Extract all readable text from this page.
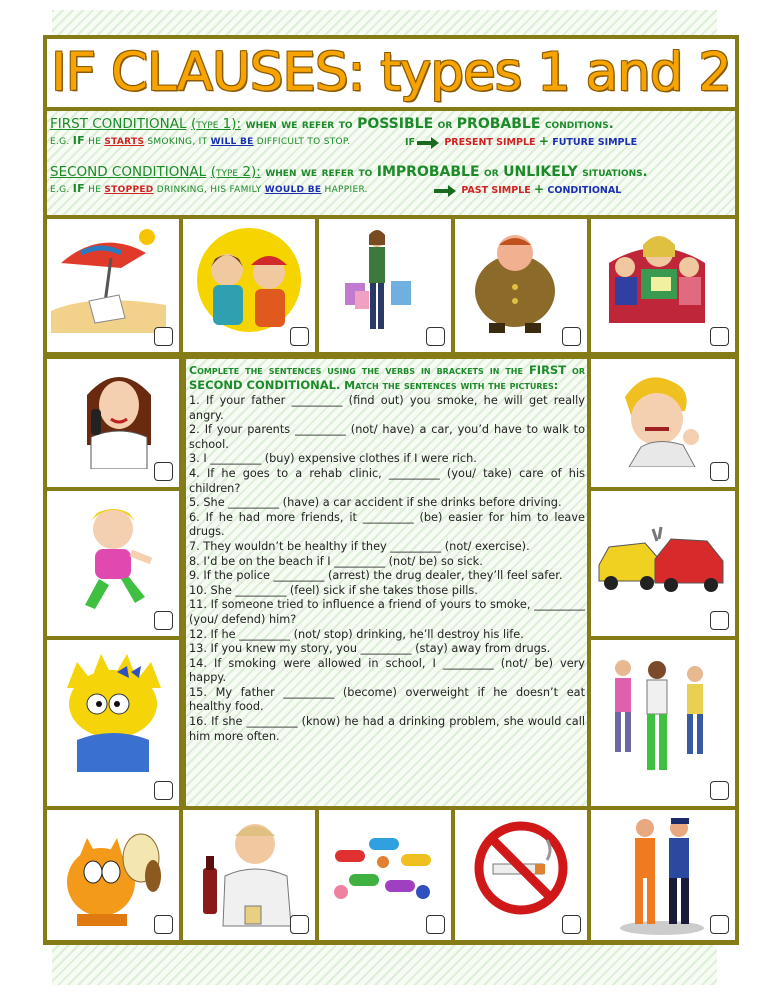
IF CLAUSES: types 1 and 2
FIRST CONDITIONAL (type 1): when we refer to POSSIBLE or PROBABLE conditions.
E.G. IF HE STARTS SMOKING, IT WILL BE DIFFICULT TO STOP.	IF	PRESENT SIMPLE + FUTURE SIMPLE
SECOND CONDITIONAL (type 2): when we refer to IMPROBABLE or UNLIKELY situations.
E.G. IF HE STOPPED DRINKING, HIS FAMILY WOULD BE HAPPIER.	PAST SIMPLE + CONDITIONAL
Complete the sentences using the verbs in brackets in the FIRST or SECOND CONDITIONAL. Match the sentences with the pictures:
1. If your father _________ (find out) you smoke, he will get really angry.
2. If your parents _________ (not/ have) a car, you’d have to walk to school.
3. I _________ (buy) expensive clothes if I were rich.
4. If he goes to a rehab clinic, _________ (you/ take) care of his children?
5. She _________ (have) a car accident if she drinks before driving.
6. If he had more friends, it _________ (be) easier for him to leave drugs.
7. They wouldn’t be healthy if they _________ (not/ exercise).
8. I’d be on the beach if I _________ (not/ be) so sick.
9. If the police _________ (arrest) the drug dealer, they’ll feel safer.
10. She _________ (feel) sick if she takes those pills.
11. If someone tried to influence a friend of yours to smoke, _________ (you/ defend) him?
12. If he _________ (not/ stop) drinking, he’ll destroy his life.
13. If you knew my story, you _________ (stay) away from drugs.
14. If smoking were allowed in school, I _________ (not/ be) very happy.
15. My father _________ (become) overweight if he doesn’t eat healthy food.
16. If she _________ (know) he had a drinking problem, she would call him more often.
